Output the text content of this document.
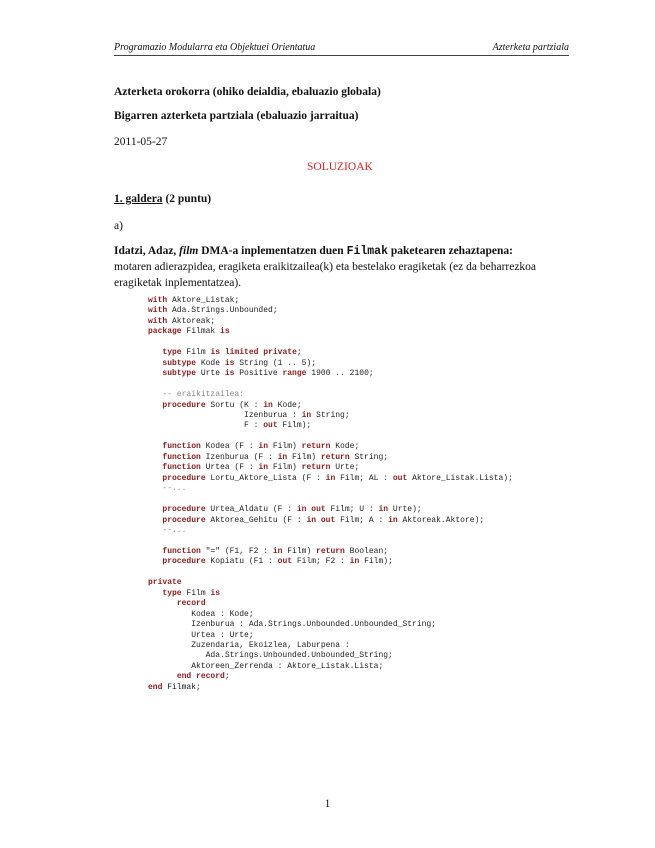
Programazio Modularra eta Objektuei Orientatua	Azterketa partziala
Azterketa orokorra (ohiko deialdia, ebaluazio globala)
Bigarren azterketa partziala (ebaluazio jarraitua)
2011-05-27
SOLUZIOAK
1. galdera (2 puntu)
a)
Idatzi, Adaz, film DMA-a inplementatzen duen Filmak paketearen zehaztapena:
motaren adierazpidea, eragiketa eraikitzailea(k) eta bestelako eragiketak (ez da beharrezkoa
eragiketak inplementatzea).
with Aktore_Listak;
with Ada.Strings.Unbounded;
with Aktoreak;
package Filmak is
type Film is limited private;
subtype Kode is String (1 .. 5);
subtype Urte is Positive range 1900 .. 2100;
-- eraikitzailea:
procedure Sortu (K : in Kode;
Izenburua : in String;
F : out Film);
function Kodea (F : in Film) return Kode;
function Izenburua (F : in Film) return String;
function Urtea (F : in Film) return Urte;
procedure Lortu_Aktore_Lista (F : in Film; AL : out Aktore_Listak.Lista);
--...
procedure Urtea_Aldatu (F : in out Film; U : in Urte);
procedure Aktorea_Gehitu (F : in out Film; A : in Aktoreak.Aktore);
--...
function "=" (F1, F2 : in Film) return Boolean;
procedure Kopiatu (F1 : out Film; F2 : in Film);
private
type Film is
record
Kodea : Kode;
Izenburua : Ada.Strings.Unbounded.Unbounded_String;
Urtea : Urte;
Zuzendaria, Ekoizlea, Laburpena :
Ada.Strings.Unbounded.Unbounded_String;
Aktoreen_Zerrenda : Aktore_Listak.Lista;
end record;
end Filmak;
1
